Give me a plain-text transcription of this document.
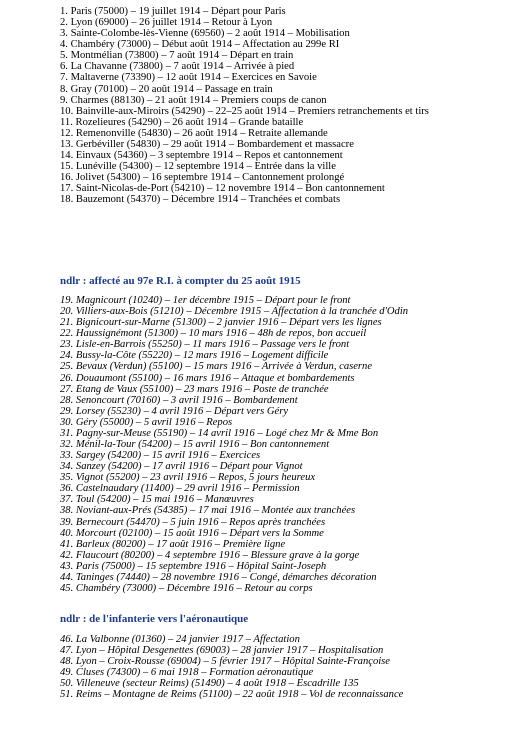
1. Paris (75000) – 19 juillet 1914 – Départ pour Paris
2. Lyon (69000) – 26 juillet 1914 – Retour à Lyon
3. Sainte-Colombe-lès-Vienne (69560) – 2 août 1914 – Mobilisation
4. Chambéry (73000) – Début août 1914 – Affectation au 299e RI
5. Montmélian (73800) – 7 août 1914 – Départ en train
6. La Chavanne (73800) – 7 août 1914 – Arrivée à pied
7. Maltaverne (73390) – 12 août 1914 – Exercices en Savoie
8. Gray (70100) – 20 août 1914 – Passage en train
9. Charmes (88130) – 21 août 1914 – Premiers coups de canon
10. Bainville-aux-Miroirs (54290) – 22–25 août 1914 – Premiers retranchements et tirs
11. Rozelieures (54290) – 26 août 1914 – Grande bataille
12. Remenonville (54830) – 26 août 1914 – Retraite allemande
13. Gerbéviller (54830) – 29 août 1914 – Bombardement et massacre
14. Einvaux (54360) – 3 septembre 1914 – Repos et cantonnement
15. Lunéville (54300) – 12 septembre 1914 – Entrée dans la ville
16. Jolivet (54300) – 16 septembre 1914 – Cantonnement prolongé
17. Saint-Nicolas-de-Port (54210) – 12 novembre 1914 – Bon cantonnement
18. Bauzemont (54370) – Décembre 1914 – Tranchées et combats
ndlr : affecté au 97e R.I. à compter du 25 août 1915
19. Magnicourt (10240) – 1er décembre 1915 – Départ pour le front
20. Villiers-aux-Bois (51210) – Décembre 1915 – Affectation à la tranchée d'Odin
21. Bignicourt-sur-Marne (51300) – 2 janvier 1916 – Départ vers les lignes
22. Haussignémont (51300) – 10 mars 1916 – 48h de repos, bon accueil
23. Lisle-en-Barrois (55250) – 11 mars 1916 – Passage vers le front
24. Bussy-la-Côte (55220) – 12 mars 1916 – Logement difficile
25. Bevaux (Verdun) (55100) – 15 mars 1916 – Arrivée à Verdun, caserne
26. Douaumont (55100) – 16 mars 1916 – Attaque et bombardements
27. Étang de Vaux (55100) – 23 mars 1916 – Poste de tranchée
28. Senoncourt (70160) – 3 avril 1916 – Bombardement
29. Lorsey (55230) – 4 avril 1916 – Départ vers Géry
30. Géry (55000) – 5 avril 1916 – Repos
31. Pagny-sur-Meuse (55190) – 14 avril 1916 – Logé chez Mr & Mme Bon
32. Ménil-la-Tour (54200) – 15 avril 1916 – Bon cantonnement
33. Sargey (54200) – 15 avril 1916 – Exercices
34. Sanzey (54200) – 17 avril 1916 – Départ pour Vignot
35. Vignot (55200) – 23 avril 1916 – Repos, 5 jours heureux
36. Castelnaudary (11400) – 29 avril 1916 – Permission
37. Toul (54200) – 15 mai 1916 – Manœuvres
38. Noviant-aux-Prés (54385) – 17 mai 1916 – Montée aux tranchées
39. Bernecourt (54470) – 5 juin 1916 – Repos après tranchées
40. Morcourt (02100) – 15 août 1916 – Départ vers la Somme
41. Barleux (80200) – 17 août 1916 – Première ligne
42. Flaucourt (80200) – 4 septembre 1916 – Blessure grave à la gorge
43. Paris (75000) – 15 septembre 1916 – Hôpital Saint-Joseph
44. Taninges (74440) – 28 novembre 1916 – Congé, démarches décoration
45. Chambéry (73000) – Décembre 1916 – Retour au corps
ndlr : de l'infanterie vers l'aéronautique
46. La Valbonne (01360) – 24 janvier 1917 – Affectation
47. Lyon – Hôpital Desgenettes (69003) – 28 janvier 1917 – Hospitalisation
48. Lyon – Croix-Rousse (69004) – 5 février 1917 – Hôpital Sainte-Françoise
49. Cluses (74300) – 6 mai 1918 – Formation aéronautique
50. Villeneuve (secteur Reims) (51490) – 4 août 1918 – Escadrille 135
51. Reims – Montagne de Reims (51100) – 22 août 1918 – Vol de reconnaissance
